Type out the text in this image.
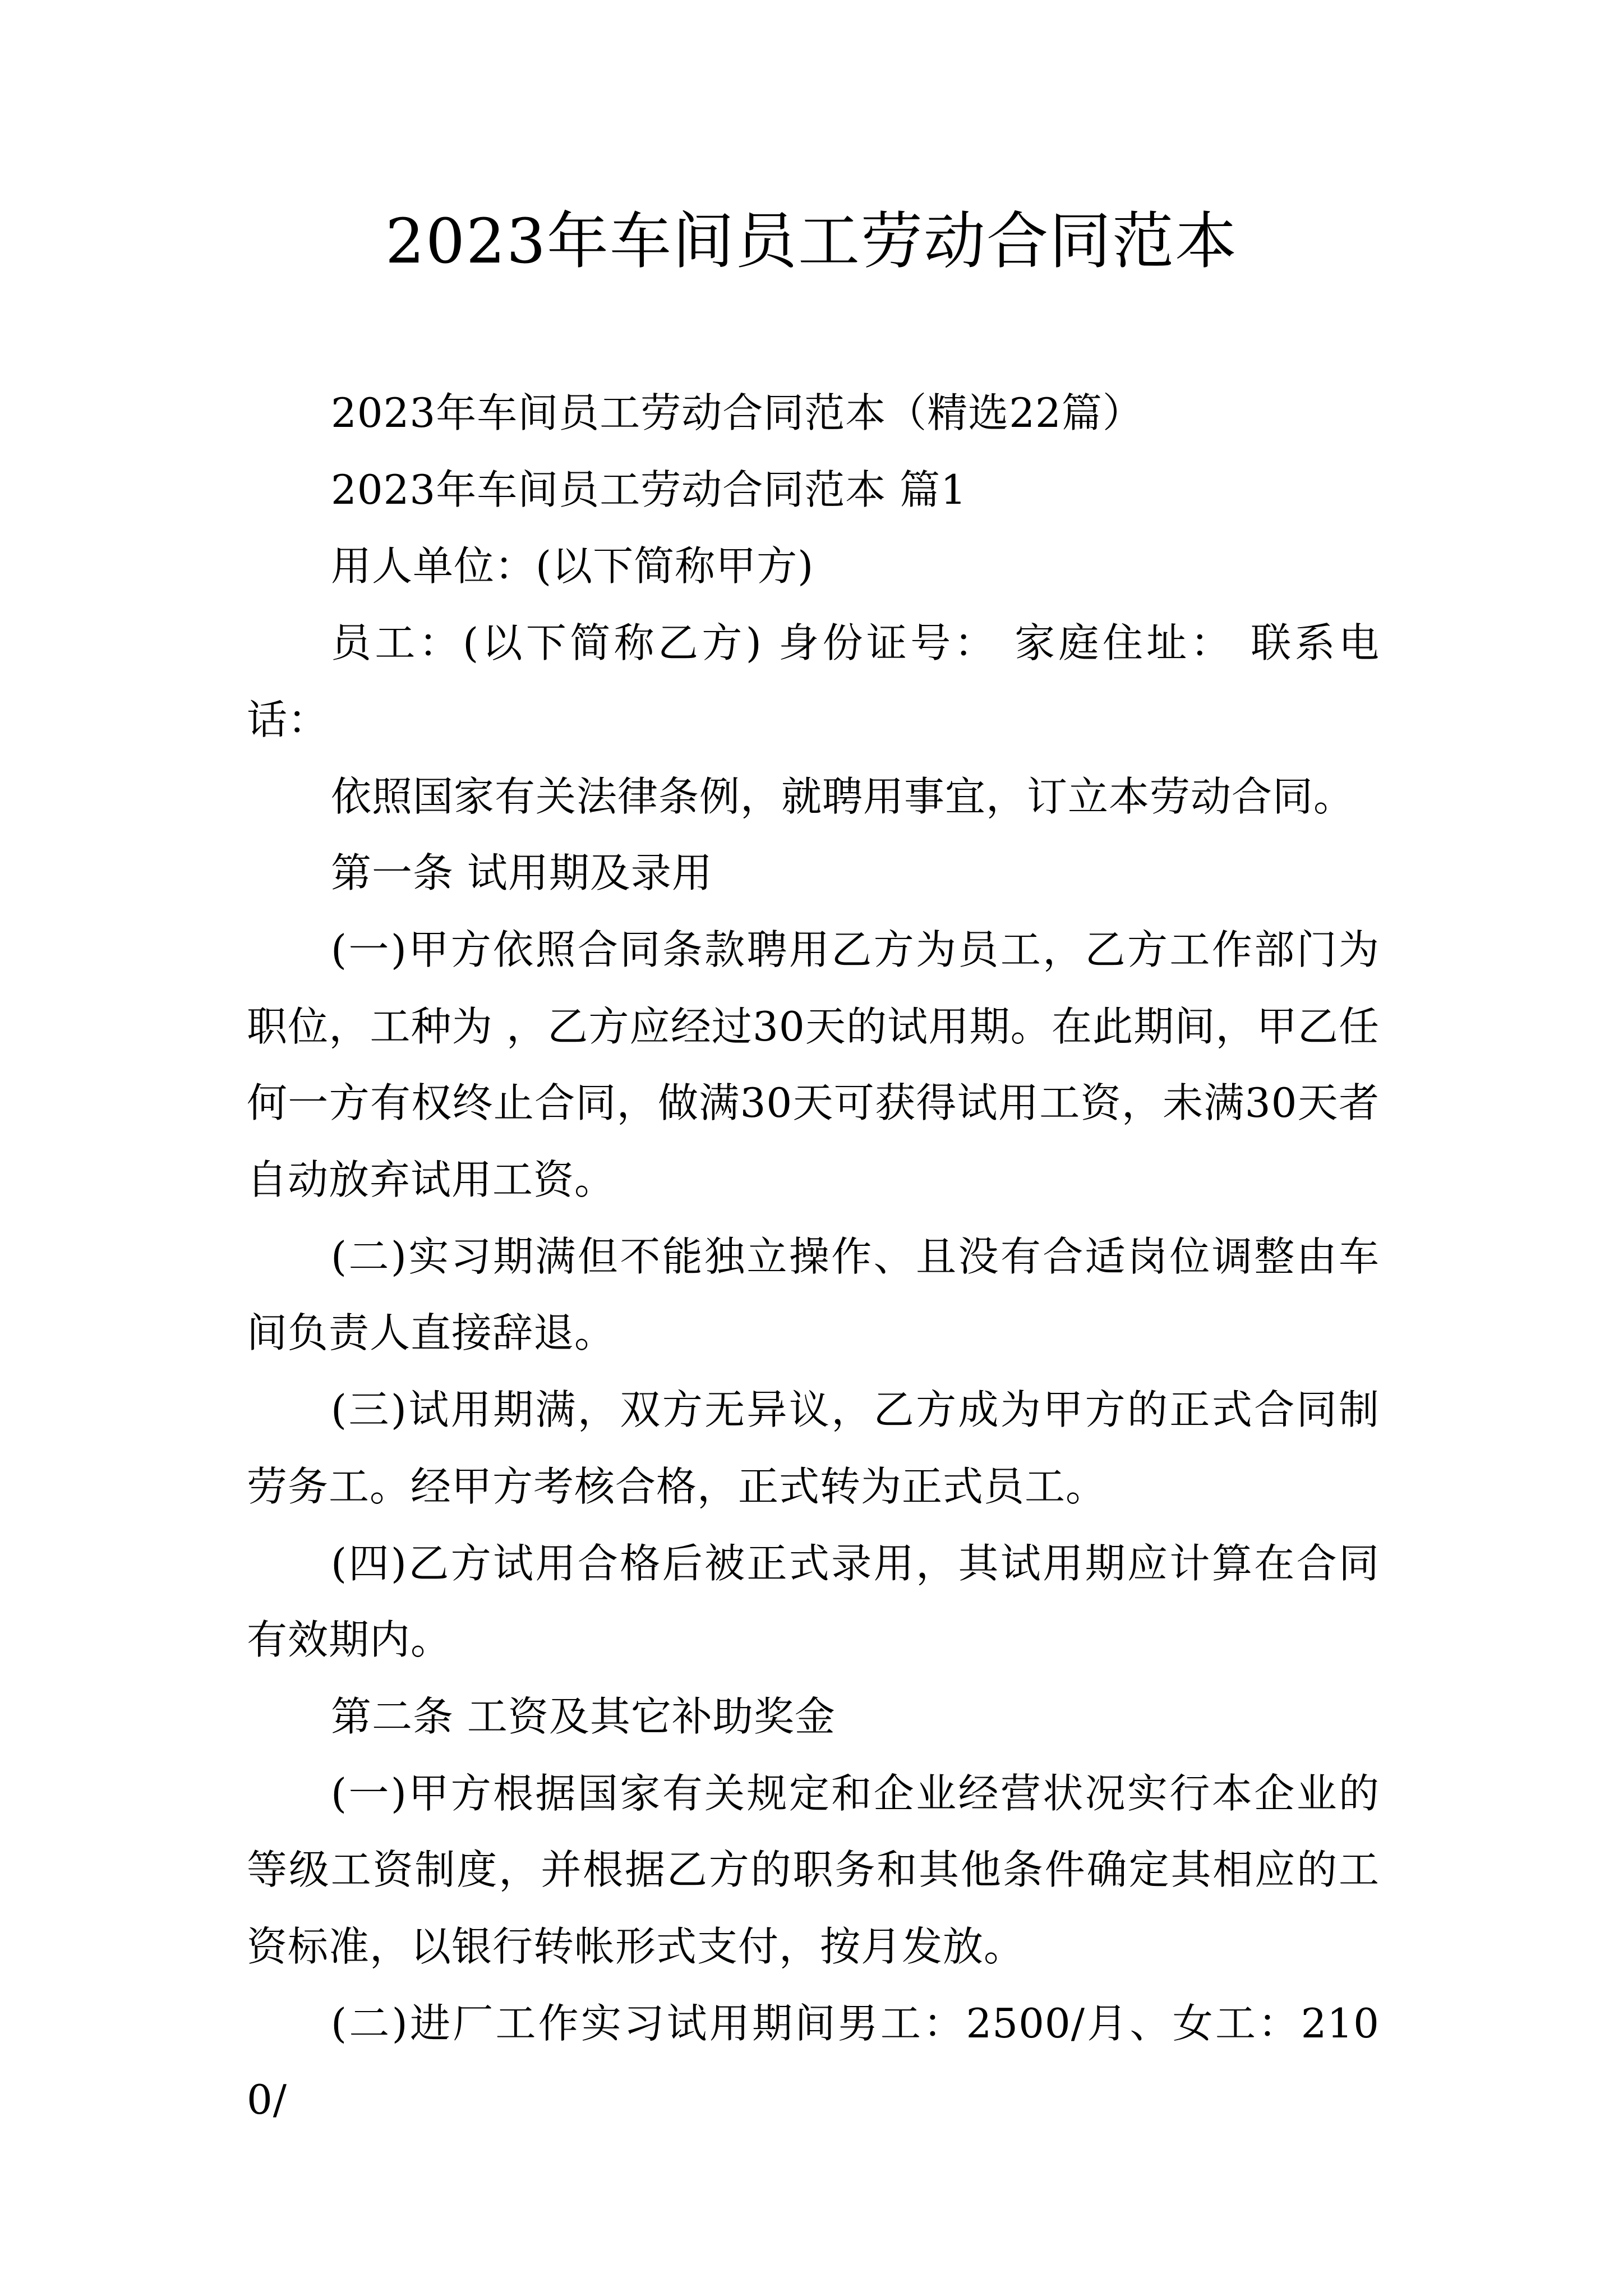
2023年车间员工劳动合同范本

2023年车间员工劳动合同范本（精选22篇）

2023年车间员工劳动合同范本 篇1

用人单位：(以下简称甲方)

员工：(以下简称乙方) 身份证号： 家庭住址： 联系电话：

依照国家有关法律条例，就聘用事宜，订立本劳动合同。

第一条 试用期及录用

(一)甲方依照合同条款聘用乙方为员工，乙方工作部门为 职位，工种为 ，乙方应经过30天的试用期。在此期间，甲乙任何一方有权终止合同，做满30天可获得试用工资，未满30天者自动放弃试用工资。

(二)实习期满但不能独立操作、且没有合适岗位调整由车间负责人直接辞退。

(三)试用期满，双方无异议，乙方成为甲方的正式合同制劳务工。经甲方考核合格，正式转为正式员工。

(四)乙方试用合格后被正式录用，其试用期应计算在合同有效期内。

第二条 工资及其它补助奖金

(一)甲方根据国家有关规定和企业经营状况实行本企业的等级工资制度，并根据乙方的职务和其他条件确定其相应的工资标准，以银行转帐形式支付，按月发放。

(二)进厂工作实习试用期间男工：2500/月、女工：2100/
